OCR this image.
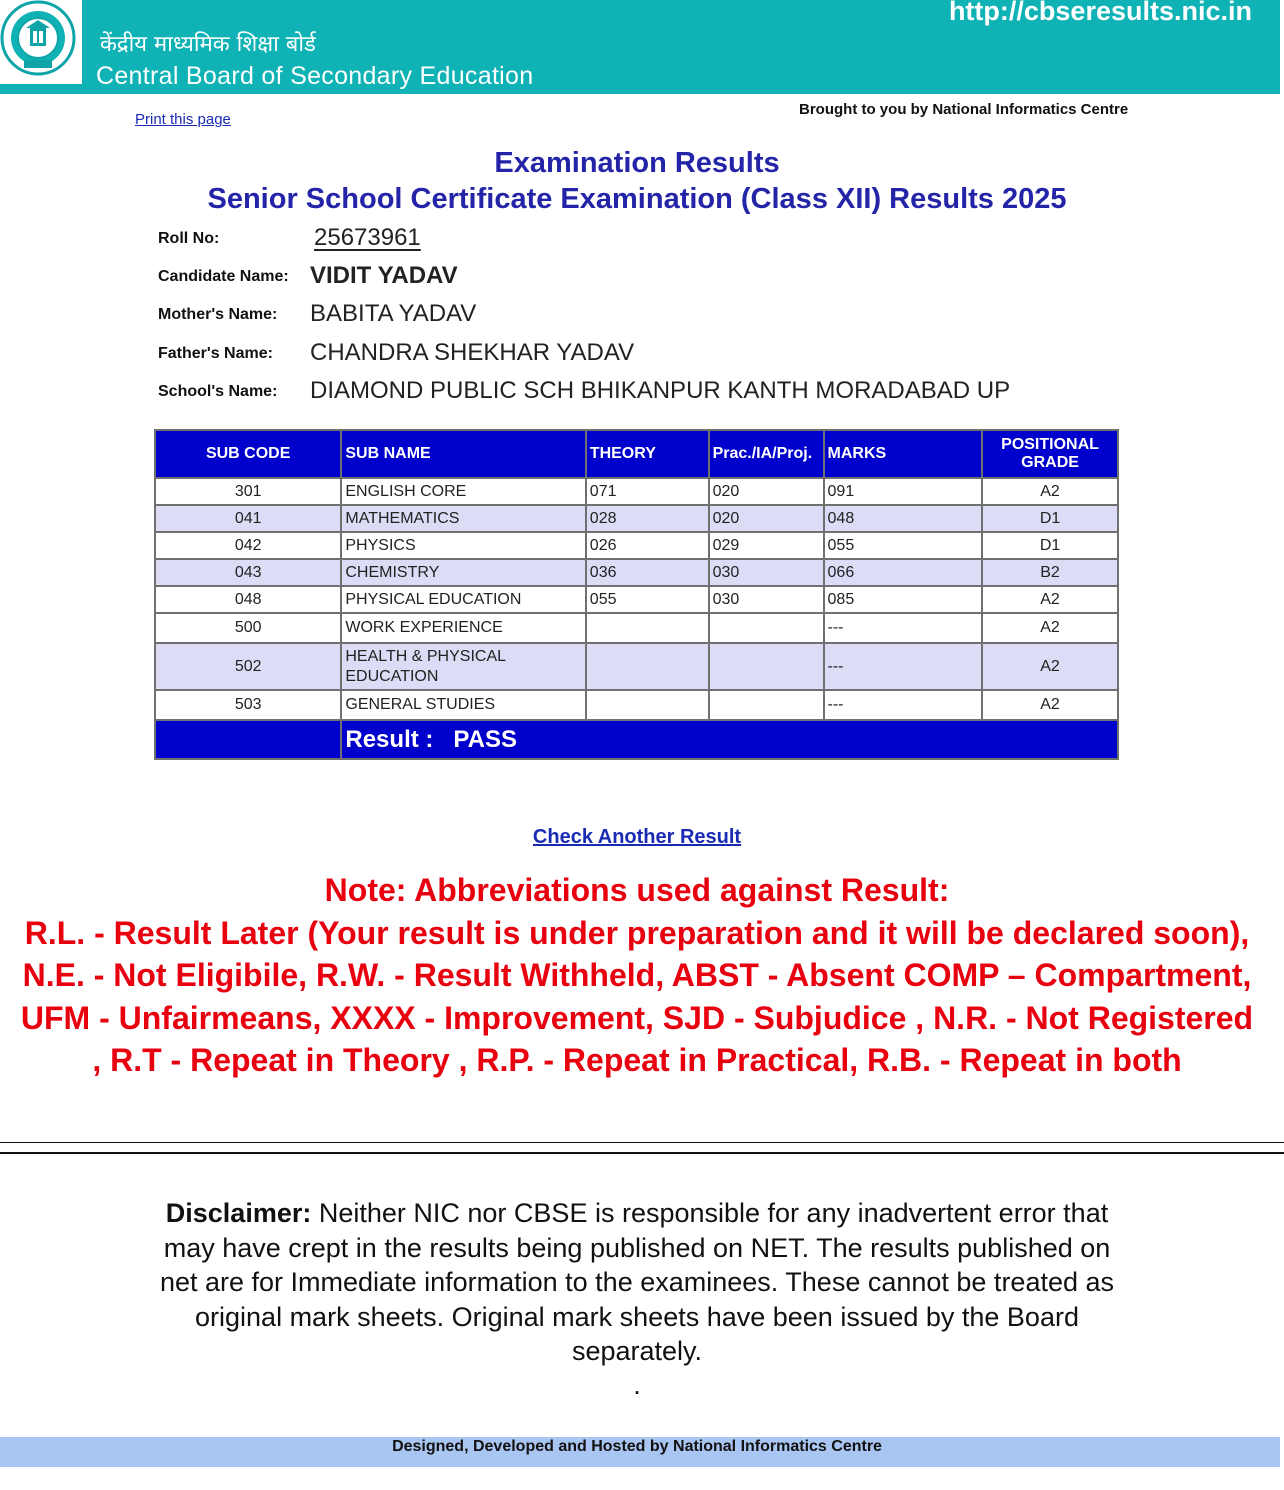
केंद्रीय माध्यमिक शिक्षा बोर्ड
Central Board of Secondary Education
http://cbseresults.nic.in
Print this page
Brought to you by National Informatics Centre
Examination Results
Senior School Certificate Examination (Class XII) Results 2025
Roll No:	25673961
Candidate Name: VIDIT YADAV
Mother's Name: BABITA YADAV
Father's Name: CHANDRA SHEKHAR YADAV
School's Name: DIAMOND PUBLIC SCH BHIKANPUR KANTH MORADABAD UP
SUB CODE	SUB NAME	THEORY	Prac./IA/Proj.	MARKS	POSITIONAL
GRADE
301	ENGLISH CORE	071	020	091	A2
041	MATHEMATICS	028	020	048	D1
042	PHYSICS	026	029	055	D1
043	CHEMISTRY	036	030	066	B2
048	PHYSICAL EDUCATION	055	030	085	A2
500	WORK EXPERIENCE			---	A2
502	HEALTH & PHYSICAL EDUCATION			---	A2
503	GENERAL STUDIES			---	A2
	Result : PASS				
Check Another Result
Note: Abbreviations used against Result:
R.L. - Result Later (Your result is under preparation and it will be declared soon), N.E. - Not Eligibile, R.W. - Result Withheld, ABST - Absent COMP – Compartment, UFM - Unfairmeans, XXXX - Improvement, SJD - Subjudice , N.R. - Not Registered , R.T - Repeat in Theory , R.P. - Repeat in Practical, R.B. - Repeat in both
Disclaimer: Neither NIC nor CBSE is responsible for any inadvertent error that may have crept in the results being published on NET. The results published on net are for Immediate information to the examinees. These cannot be treated as original mark sheets. Original mark sheets have been issued by the Board separately.
.
Designed, Developed and Hosted by National Informatics Centre
